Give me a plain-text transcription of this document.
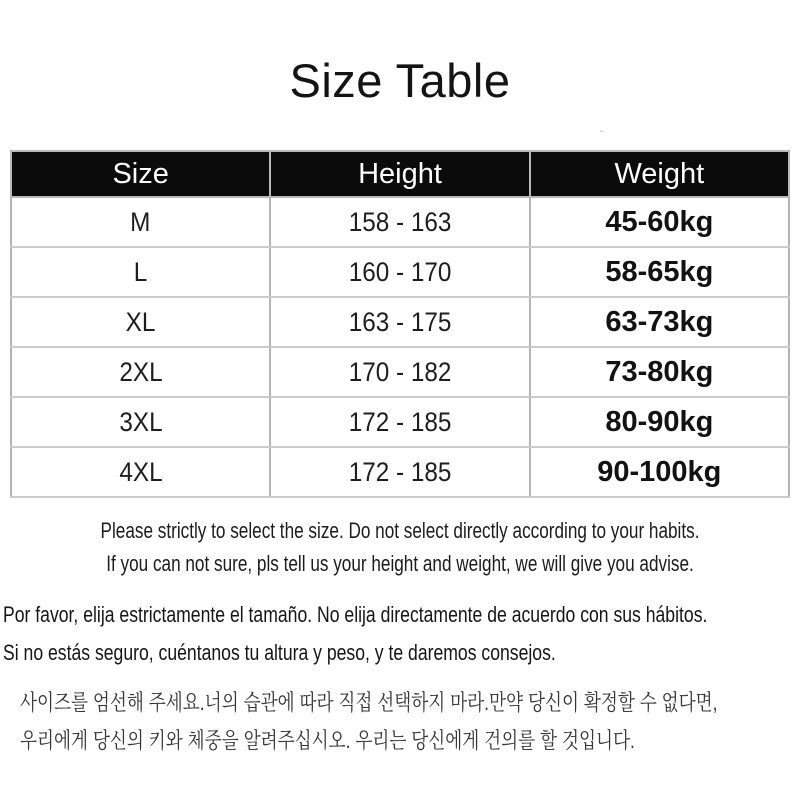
Size Table
ˇ
Size	Height	Weight
M	158 - 163	45-60kg
L	160 - 170	58-65kg
XL	163 - 175	63-73kg
2XL	170 - 182	73-80kg
3XL	172 - 185	80-90kg
4XL	172 - 185	90-100kg
Please strictly to select the size. Do not select directly according to your habits.
If you can not sure, pls tell us your height and weight, we will give you advise.
Por favor, elija estrictamente el tamaño. No elija directamente de acuerdo con sus hábitos.
Si no estás seguro, cuéntanos tu altura y peso, y te daremos consejos.
사이즈를 엄선해 주세요.너의 습관에 따라 직접 선택하지 마라.만약 당신이 확정할 수 없다면,
우리에게 당신의 키와 체중을 알려주십시오. 우리는 당신에게 건의를 할 것입니다.
